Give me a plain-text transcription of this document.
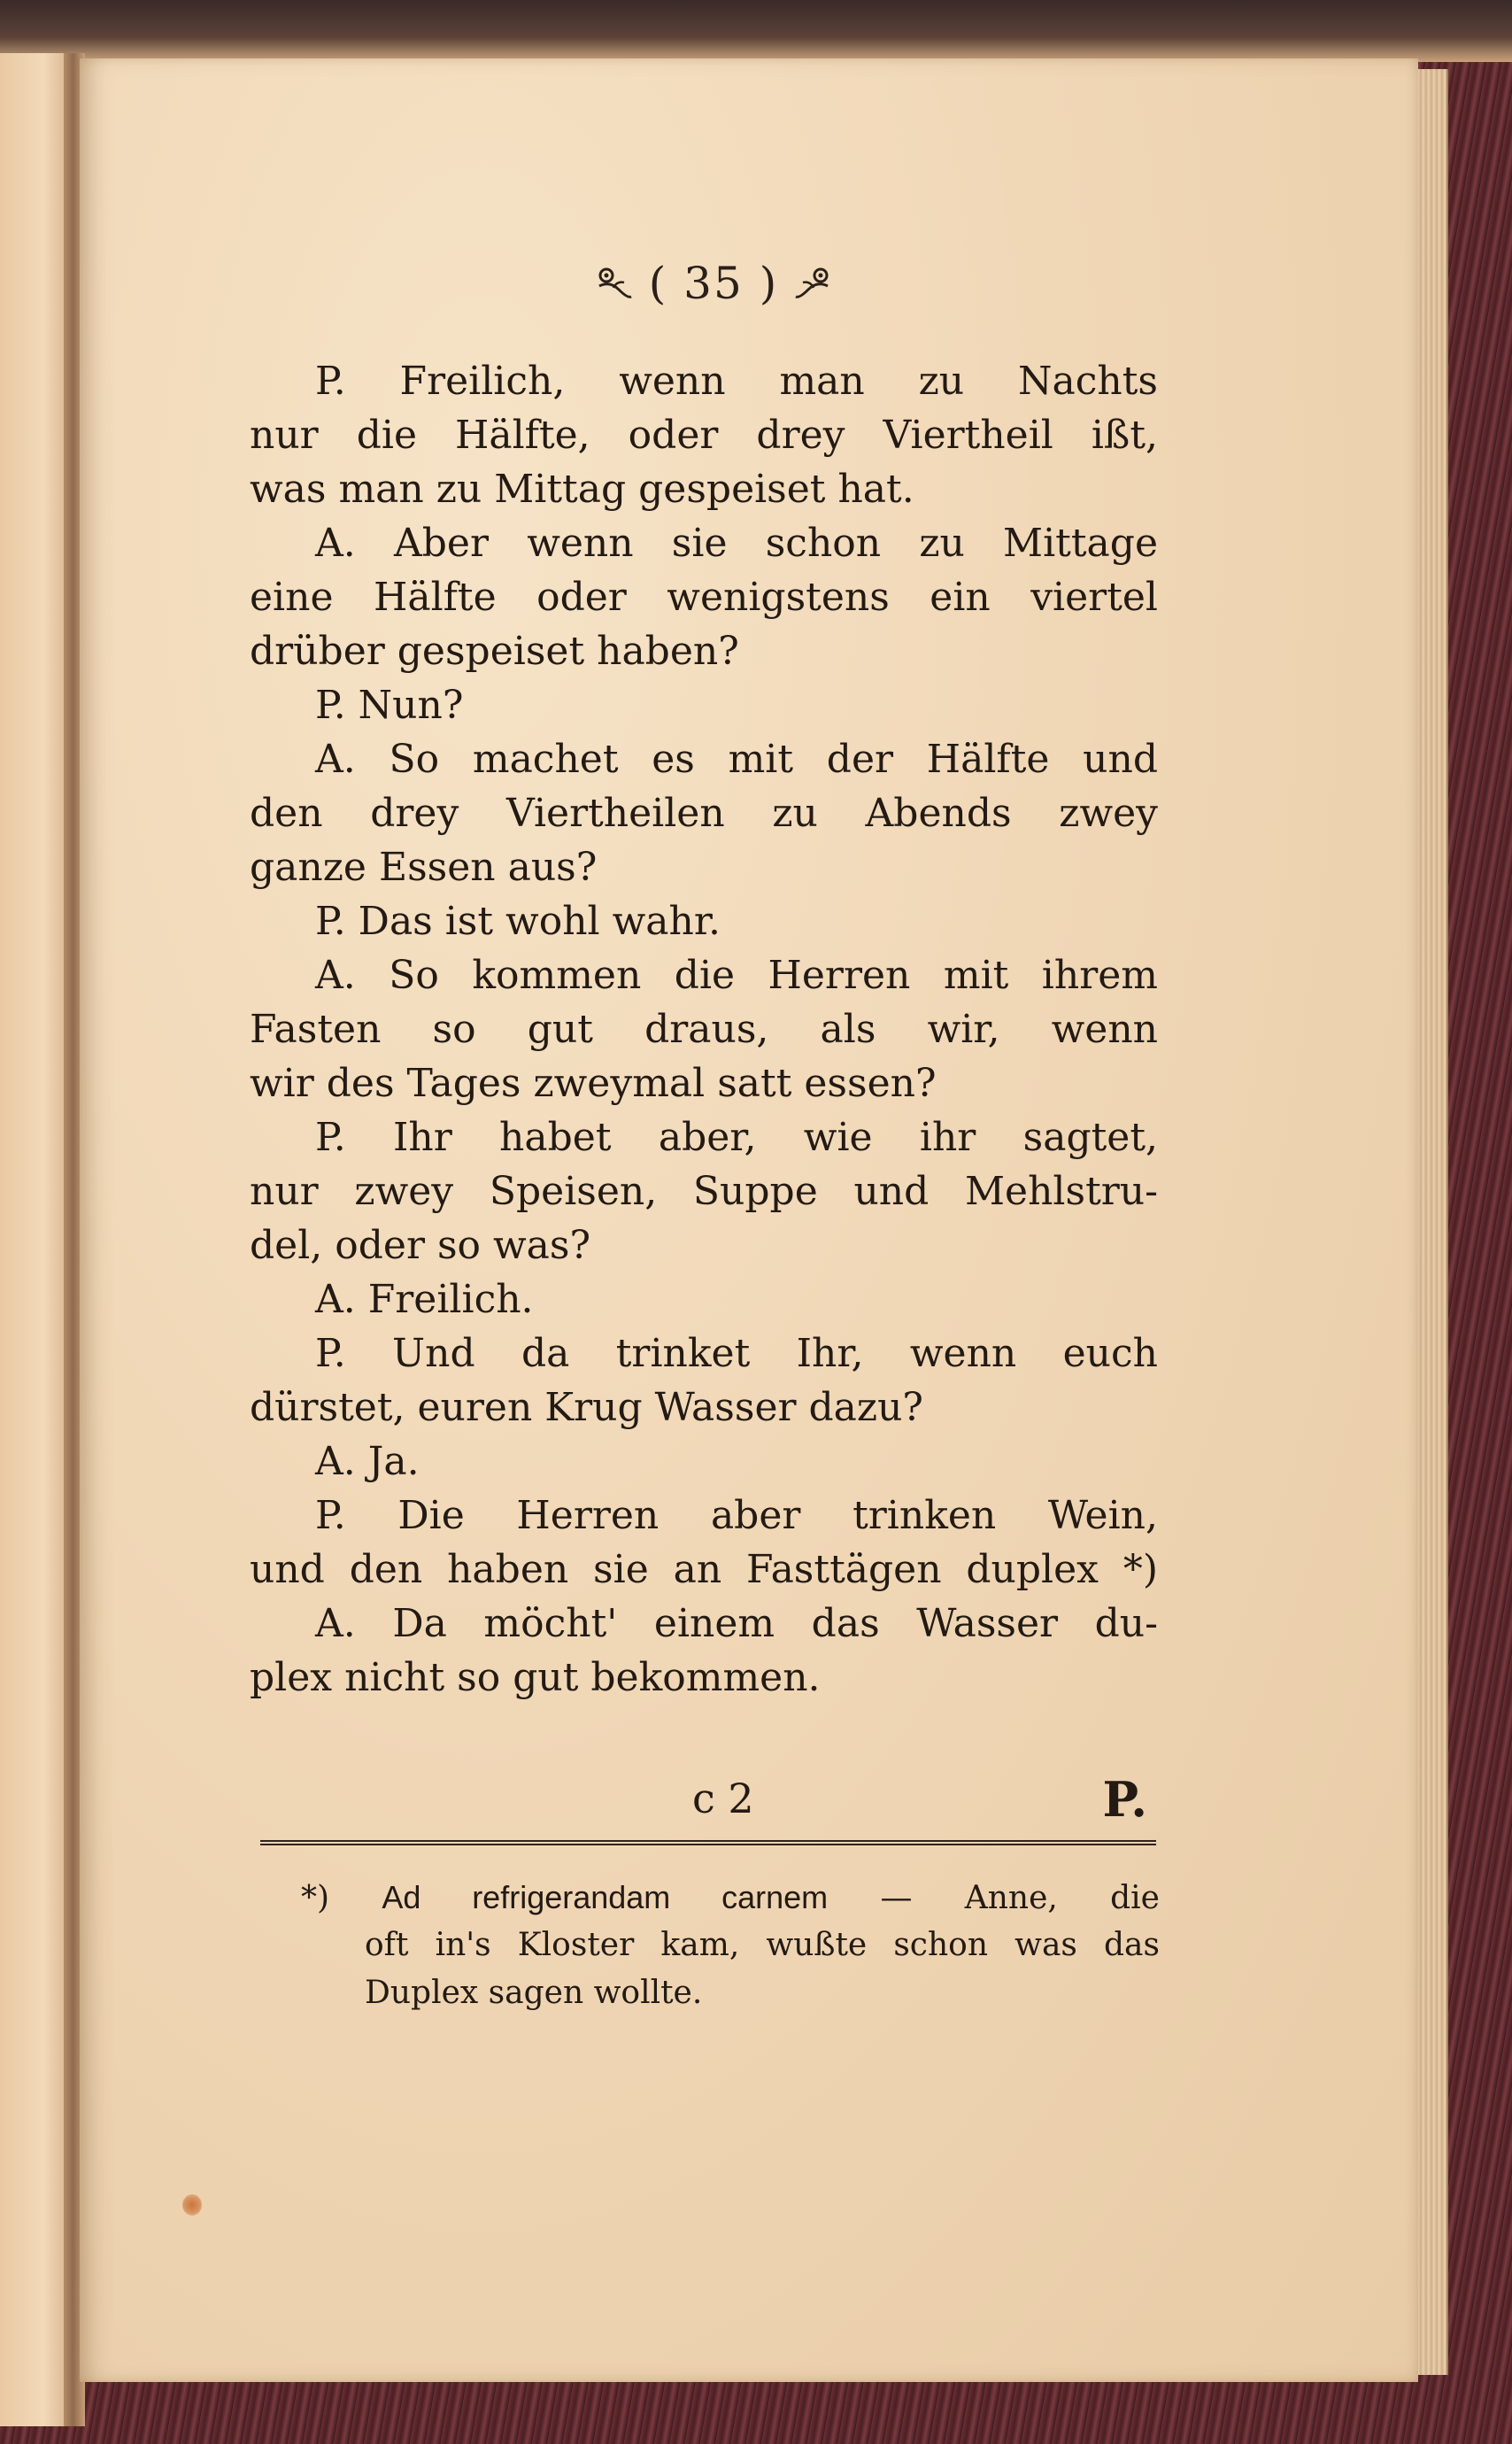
( 35 )
P. Freilich, wenn man zu Nachts
nur die Hälfte, oder drey Viertheil ißt,
was man zu Mittag gespeiset hat.
A. Aber wenn sie schon zu Mittage
eine Hälfte oder wenigstens ein viertel
drüber gespeiset haben?
P. Nun?
A. So machet es mit der Hälfte und
den drey Viertheilen zu Abends zwey
ganze Essen aus?
P. Das ist wohl wahr.
A. So kommen die Herren mit ihrem
Fasten so gut draus, als wir, wenn
wir des Tages zweymal satt essen?
P. Ihr habet aber, wie ihr sagtet,
nur zwey Speisen, Suppe und Mehlstru-
del, oder so was?
A. Freilich.
P. Und da trinket Ihr, wenn euch
dürstet, euren Krug Wasser dazu?
A. Ja.
P. Die Herren aber trinken Wein,
und den haben sie an Fasttägen duplex *)
A. Da möcht' einem das Wasser du-
plex nicht so gut bekommen.
c 2	P.
*) Ad refrigerandam carnem — Anne, die
oft in's Kloster kam, wußte schon was das
Duplex sagen wollte.
